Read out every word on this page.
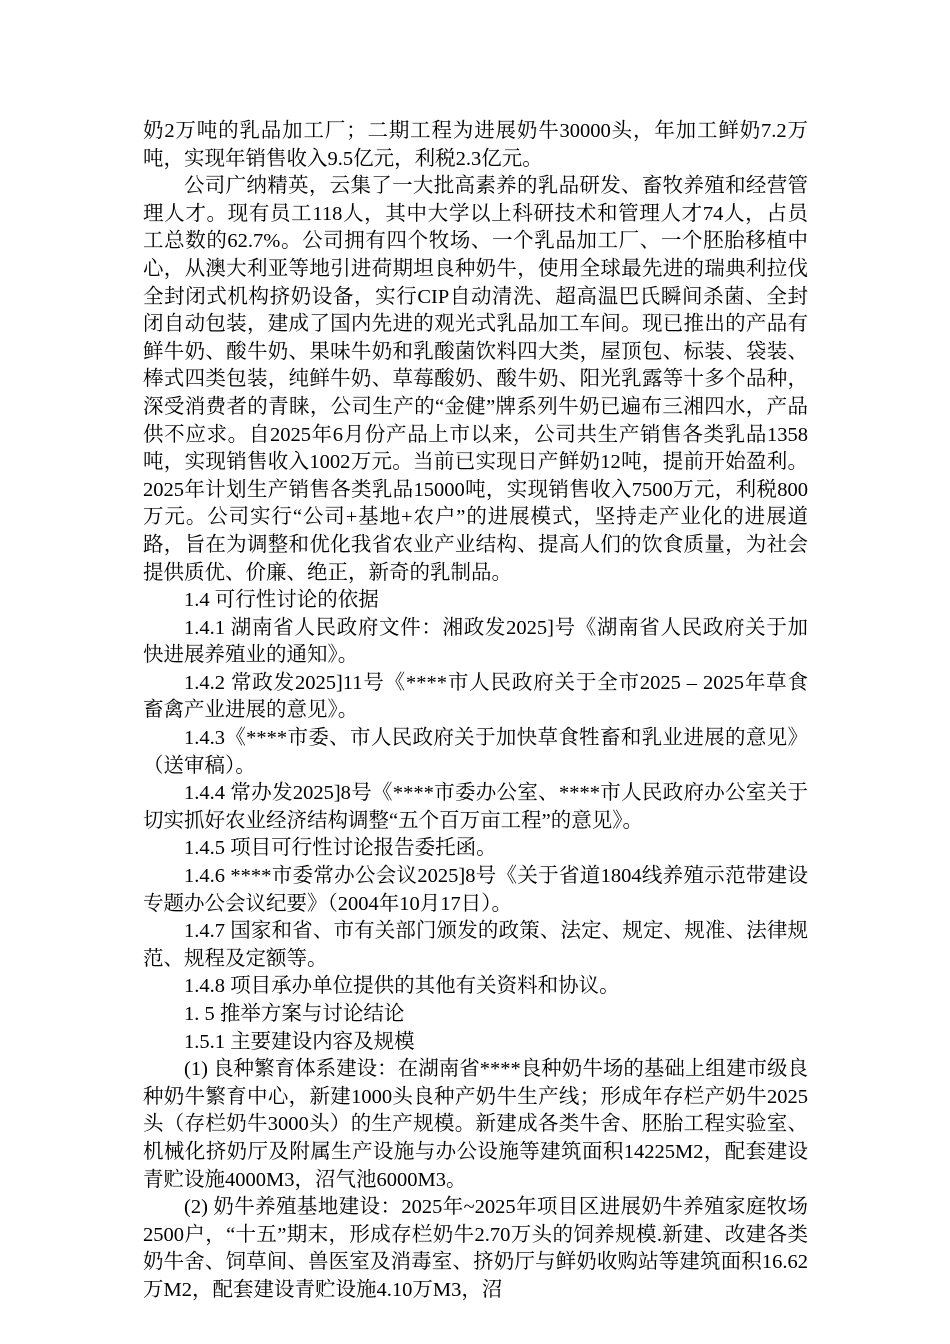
奶2万吨的乳品加工厂；二期工程为进展奶牛30000头，年加工鲜奶7.2万吨，实现年销售收入9.5亿元，利税2.3亿元。

公司广纳精英，云集了一大批高素养的乳品研发、畜牧养殖和经营管理人才。现有员工118人，其中大学以上科研技术和管理人才74人，占员工总数的62.7%。公司拥有四个牧场、一个乳品加工厂、一个胚胎移植中心，从澳大利亚等地引进荷期坦良种奶牛，使用全球最先进的瑞典利拉伐全封闭式机构挤奶设备，实行CIP自动清洗、超高温巴氏瞬间杀菌、全封闭自动包装，建成了国内先进的观光式乳品加工车间。现已推出的产品有鲜牛奶、酸牛奶、果味牛奶和乳酸菌饮料四大类，屋顶包、标装、袋装、棒式四类包装，纯鲜牛奶、草莓酸奶、酸牛奶、阳光乳露等十多个品种，深受消费者的青睐，公司生产的“金健”牌系列牛奶已遍布三湘四水，产品供不应求。自2025年6月份产品上市以来，公司共生产销售各类乳品1358吨，实现销售收入1002万元。当前已实现日产鲜奶12吨，提前开始盈利。2025年计划生产销售各类乳品15000吨，实现销售收入7500万元，利税800万元。公司实行“公司+基地+农户”的进展模式，坚持走产业化的进展道路，旨在为调整和优化我省农业产业结构、提高人们的饮食质量，为社会提供质优、价廉、绝正，新奇的乳制品。

1.4 可行性讨论的依据

1.4.1 湖南省人民政府文件：湘政发2025]号《湖南省人民政府关于加快进展养殖业的通知》。

1.4.2 常政发2025]11号《****市人民政府关于全市2025 – 2025年草食畜禽产业进展的意见》。

1.4.3《****市委、市人民政府关于加快草食牲畜和乳业进展的意见》（送审稿）。

1.4.4 常办发2025]8号《****市委办公室、****市人民政府办公室关于切实抓好农业经济结构调整“五个百万亩工程”的意见》。

1.4.5 项目可行性讨论报告委托函。

1.4.6 ****市委常办公会议2025]8号《关于省道1804线养殖示范带建设专题办公会议纪要》（2004年10月17日）。

1.4.7 国家和省、市有关部门颁发的政策、法定、规定、规准、法律规范、规程及定额等。

1.4.8 项目承办单位提供的其他有关资料和协议。

1. 5 推举方案与讨论结论

1.5.1 主要建设内容及规模

(1) 良种繁育体系建设：在湖南省****良种奶牛场的基础上组建市级良种奶牛繁育中心，新建1000头良种产奶牛生产线；形成年存栏产奶牛2025头（存栏奶牛3000头）的生产规模。新建成各类牛舍、胚胎工程实验室、机械化挤奶厅及附属生产设施与办公设施等建筑面积14225M2，配套建设青贮设施4000M3，沼气池6000M3。

(2) 奶牛养殖基地建设：2025年~2025年项目区进展奶牛养殖家庭牧场2500户，“十五”期末，形成存栏奶牛2.70万头的饲养规模.新建、改建各类奶牛舍、饲草间、兽医室及消毒室、挤奶厅与鲜奶收购站等建筑面积16.62万M2，配套建设青贮设施4.10万M3，沼
